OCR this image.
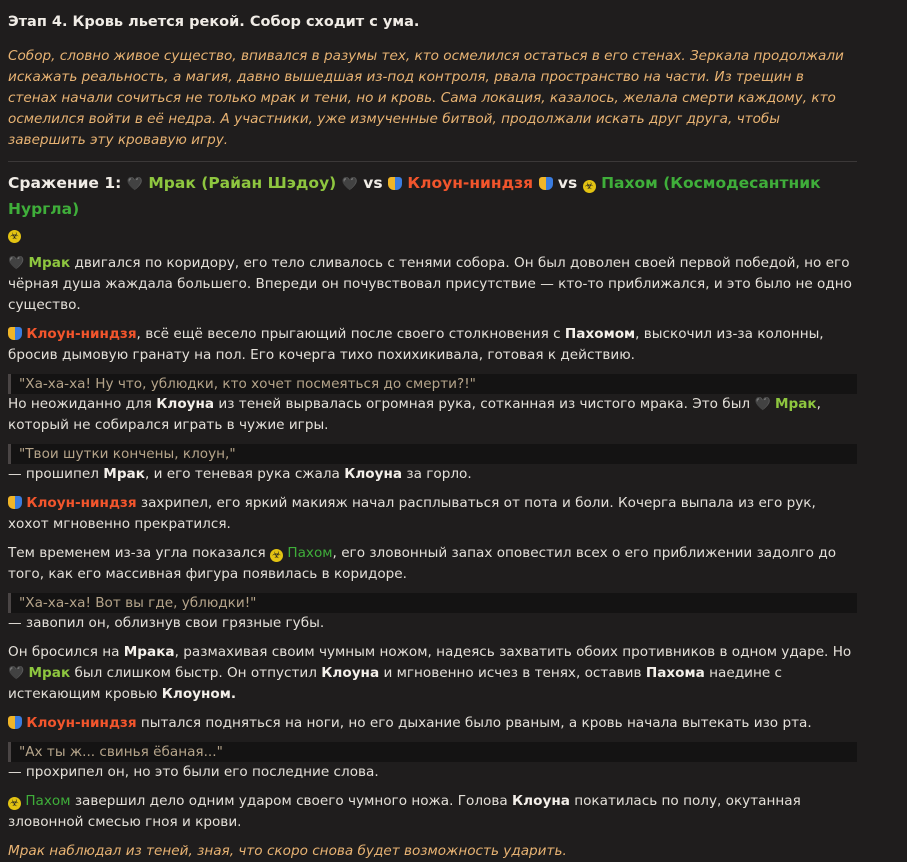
Этап 4. Кровь льется рекой. Собор сходит с ума.

Собор, словно живое существо, впивался в разумы тех, кто осмелился остаться в его стенах. Зеркала продолжали искажать реальность, а магия, давно вышедшая из-под контроля, рвала пространство на части. Из трещин в стенах начали сочиться не только мрак и тени, но и кровь. Сама локация, казалось, желала смерти каждому, кто осмелился войти в её недра. А участники, уже измученные битвой, продолжали искать друг друга, чтобы завершить эту кровавую игру.

Сражение 1: 🖤 Мрак (Райан Шэдоу) 🖤 vs Клоун-ниндзя vs ☣ Пахом (Космодесантник Нургла)
☣

🖤 Мрак двигался по коридору, его тело сливалось с тенями собора. Он был доволен своей первой победой, но его чёрная душа жаждала большего. Впереди он почувствовал присутствие — кто-то приближался, и это было не одно существо.

Клоун-ниндзя, всё ещё весело прыгающий после своего столкновения с Пахомом, выскочил из-за колонны, бросив дымовую гранату на пол. Его кочерга тихо похихикивала, готовая к действию.

"Ха-ха-ха! Ну что, ублюдки, кто хочет посмеяться до смерти?!"

Но неожиданно для Клоуна из теней вырвалась огромная рука, сотканная из чистого мрака. Это был 🖤 Мрак, который не собирался играть в чужие игры.

"Твои шутки кончены, клоун,"

— прошипел Мрак, и его теневая рука сжала Клоуна за горло.

Клоун-ниндзя захрипел, его яркий макияж начал расплываться от пота и боли. Кочерга выпала из его рук, хохот мгновенно прекратился.

Тем временем из-за угла показался ☣ Пахом, его зловонный запах оповестил всех о его приближении задолго до того, как его массивная фигура появилась в коридоре.

"Ха-ха-ха! Вот вы где, ублюдки!"

— завопил он, облизнув свои грязные губы.

Он бросился на Мрака, размахивая своим чумным ножом, надеясь захватить обоих противников в одном ударе. Но 🖤 Мрак был слишком быстр. Он отпустил Клоуна и мгновенно исчез в тенях, оставив Пахома наедине с истекающим кровью Клоуном.

Клоун-ниндзя пытался подняться на ноги, но его дыхание было рваным, а кровь начала вытекать изо рта.

"Ах ты ж... свинья ёбаная..."

— прохрипел он, но это были его последние слова.

☣ Пахом завершил дело одним ударом своего чумного ножа. Голова Клоуна покатилась по полу, окутанная зловонной смесью гноя и крови.

Мрак наблюдал из теней, зная, что скоро снова будет возможность ударить.
